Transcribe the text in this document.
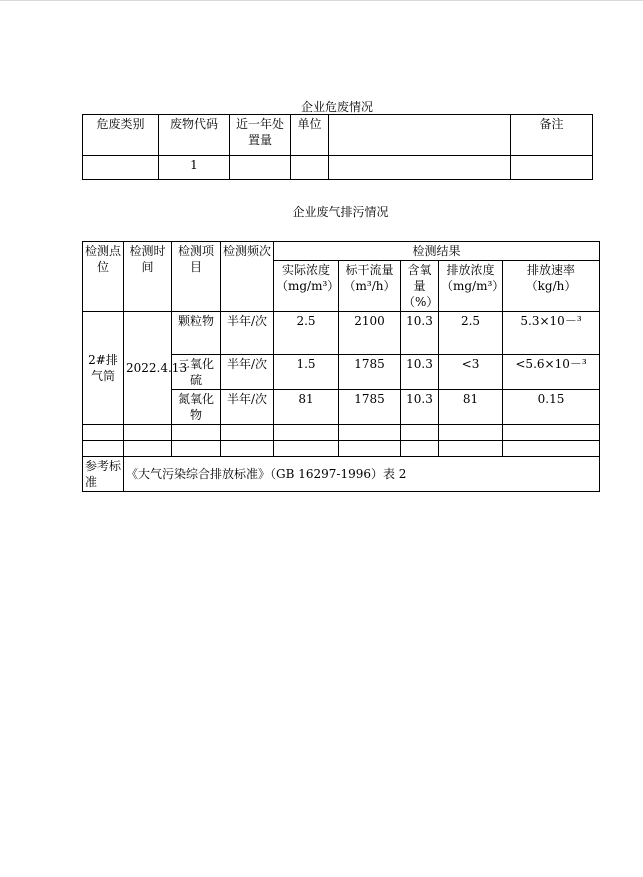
企业危废情况
危废类别	废物代码	近一年处置量	单位		备注
	1				
企业废气排污情况
检测点位	检测时间	检测项目	检测频次	检测结果				
				实际浓度（mg/m³）	标干流量（m³/h）	含氧量（%）	排放浓度（mg/m³）	排放速率（kg/h）
2#排气筒	2022.4.13	颗粒物	半年/次	2.5	2100	10.3	2.5	5.3×10－³
		二氧化硫	半年/次	1.5	1785	10.3	<3	<5.6×10－³
		氮氧化物	半年/次	81	1785	10.3	81	0.15

参考标准	《大气污染综合排放标准》（GB 16297-1996）表 2							
